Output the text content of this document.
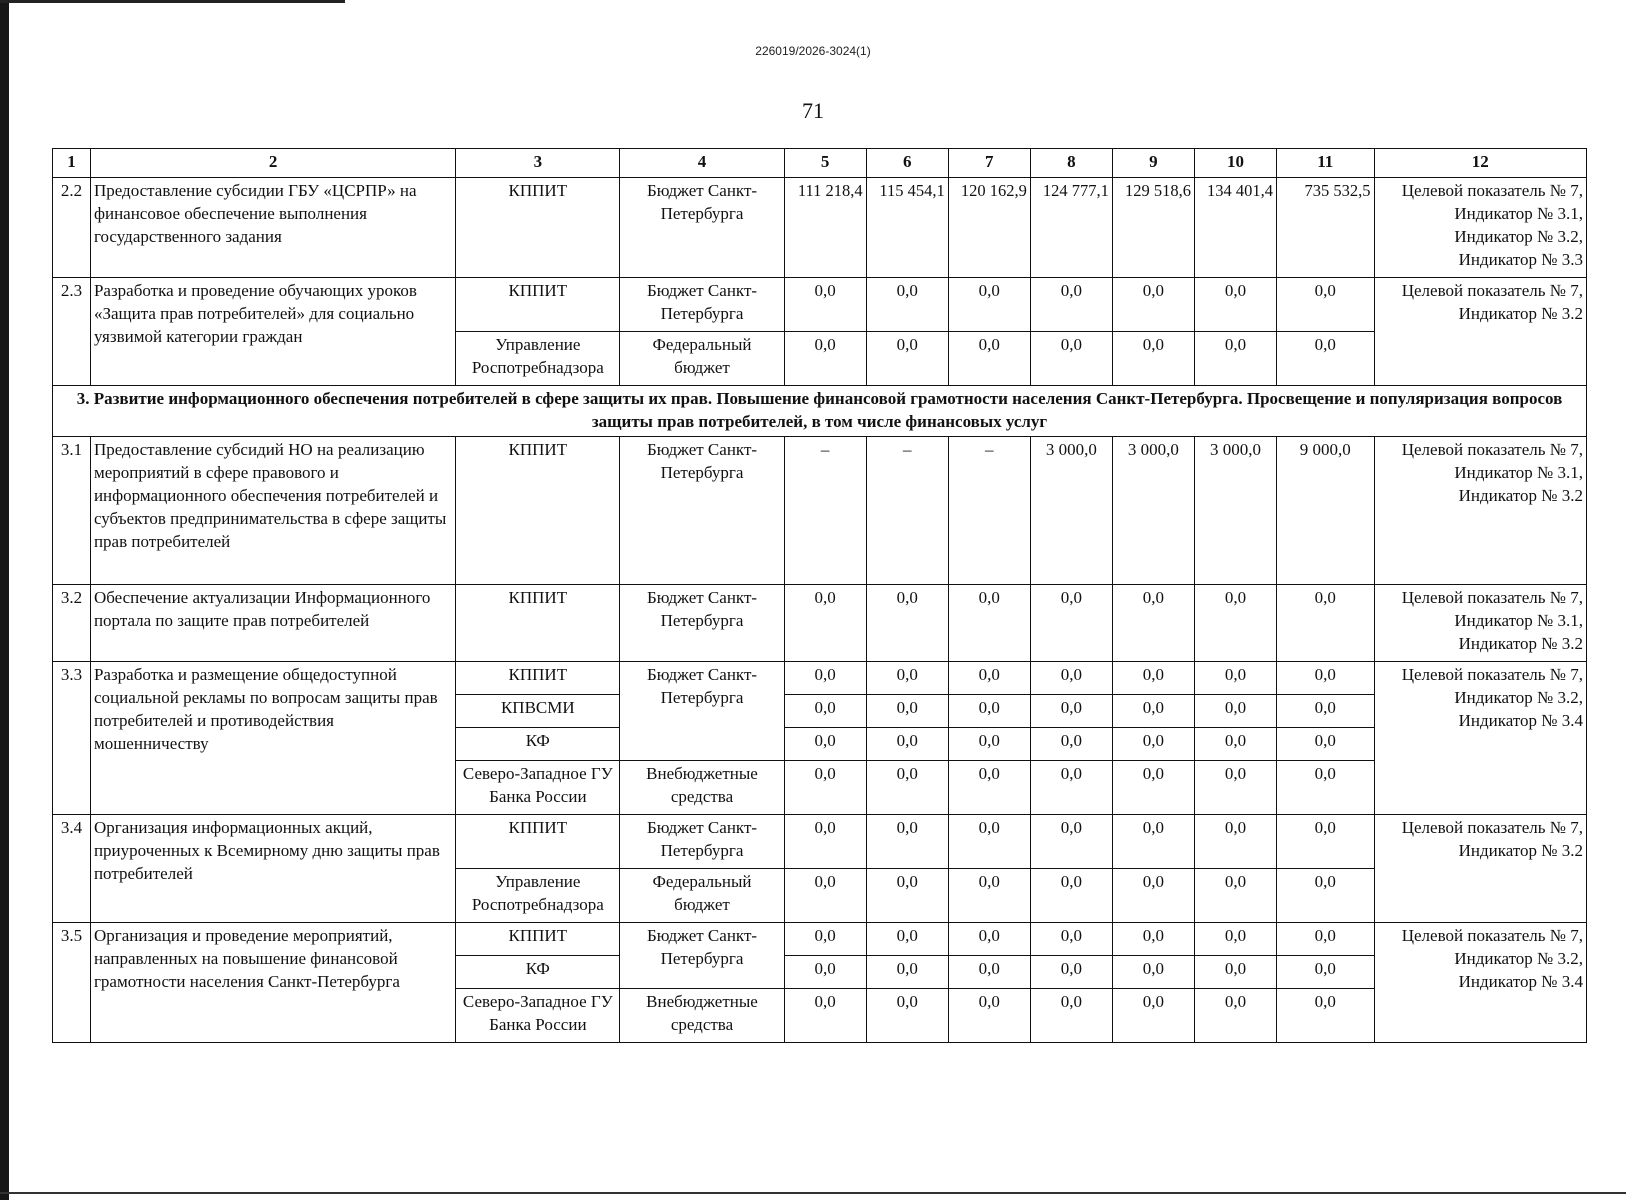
226019/2026-3024(1)
71
1	2	3	4	5	6	7	8	9	10	11	12
2.2	Предоставление субсидии ГБУ «ЦСРПР» на финансовое обеспечение выполнения государственного задания	КППИТ	Бюджет Санкт-Петербурга	111 218,4	115 454,1	120 162,9	124 777,1	129 518,6	134 401,4	735 532,5	Целевой показатель № 7, Индикатор № 3.1, Индикатор № 3.2, Индикатор № 3.3
2.3	Разработка и проведение обучающих уроков «Защита прав потребителей» для социально уязвимой категории граждан	КППИТ	Бюджет Санкт-Петербурга	0,0	0,0	0,0	0,0	0,0	0,0	0,0	Целевой показатель № 7, Индикатор № 3.2
		Управление Роспотребнадзора	Федеральный бюджет	0,0	0,0	0,0	0,0	0,0	0,0	0,0	
3. Развитие информационного обеспечения потребителей в сфере защиты их прав. Повышение финансовой грамотности населения Санкт-Петербурга. Просвещение и популяризация вопросов защиты прав потребителей, в том числе финансовых услуг											
3.1	Предоставление субсидий НО на реализацию мероприятий в сфере правового и информационного обеспечения потребителей и субъектов предпринимательства в сфере защиты прав потребителей	КППИТ	Бюджет Санкт-Петербурга	–	–	–	3 000,0	3 000,0	3 000,0	9 000,0	Целевой показатель № 7, Индикатор № 3.1, Индикатор № 3.2
3.2	Обеспечение актуализации Информационного портала по защите прав потребителей	КППИТ	Бюджет Санкт-Петербурга	0,0	0,0	0,0	0,0	0,0	0,0	0,0	Целевой показатель № 7, Индикатор № 3.1, Индикатор № 3.2
3.3	Разработка и размещение общедоступной социальной рекламы по вопросам защиты прав потребителей и противодействия мошенничеству	КППИТ	Бюджет Санкт-Петербурга	0,0	0,0	0,0	0,0	0,0	0,0	0,0	Целевой показатель № 7, Индикатор № 3.2, Индикатор № 3.4
		КПВСМИ		0,0	0,0	0,0	0,0	0,0	0,0	0,0	
		КФ		0,0	0,0	0,0	0,0	0,0	0,0	0,0	
		Северо-Западное ГУ Банка России	Внебюджетные средства	0,0	0,0	0,0	0,0	0,0	0,0	0,0	
3.4	Организация информационных акций, приуроченных к Всемирному дню защиты прав потребителей	КППИТ	Бюджет Санкт-Петербурга	0,0	0,0	0,0	0,0	0,0	0,0	0,0	Целевой показатель № 7, Индикатор № 3.2
		Управление Роспотребнадзора	Федеральный бюджет	0,0	0,0	0,0	0,0	0,0	0,0	0,0	
3.5	Организация и проведение мероприятий, направленных на повышение финансовой грамотности населения Санкт-Петербурга	КППИТ	Бюджет Санкт-Петербурга	0,0	0,0	0,0	0,0	0,0	0,0	0,0	Целевой показатель № 7, Индикатор № 3.2, Индикатор № 3.4
		КФ		0,0	0,0	0,0	0,0	0,0	0,0	0,0	
		Северо-Западное ГУ Банка России	Внебюджетные средства	0,0	0,0	0,0	0,0	0,0	0,0	0,0	
